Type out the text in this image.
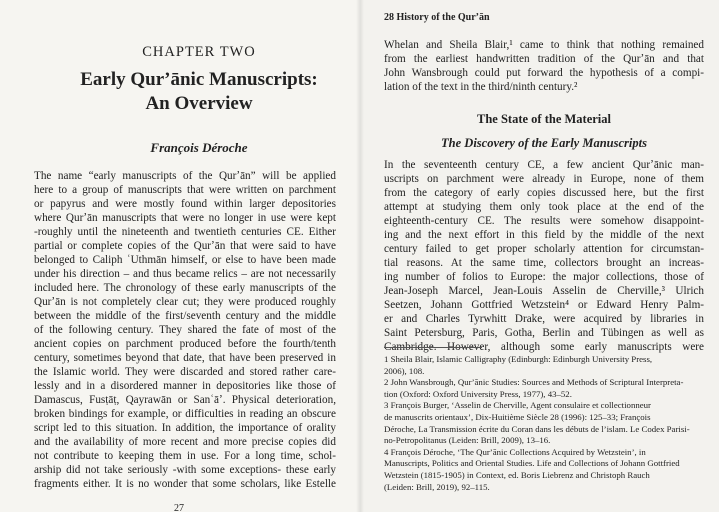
CHAPTER TWO
Early Qurʼānic Manuscripts:
An Overview
François Déroche
The name “early manuscripts of the Qurʼān” will be applied
here to a group of manuscripts that were written on parchment
or papyrus and were mostly found within larger depositories
where Qurʼān manuscripts that were no longer in use were kept
-roughly until the nineteenth and twentieth centuries CE. Either
partial or complete copies of the Qurʼān that were said to have
belonged to Caliph ʿUthmān himself, or else to have been made
under his direction – and thus became relics – are not necessarily
included here. The chronology of these early manuscripts of the
Qurʼān is not completely clear cut; they were produced roughly
between the middle of the first/seventh century and the middle
of the following century. They shared the fate of most of the
ancient copies on parchment produced before the fourth/tenth
century, sometimes beyond that date, that have been preserved in
the Islamic world. They were discarded and stored rather care-
lessly and in a disordered manner in depositories like those of
Damascus, Fusṭāṭ, Qayrawān or Sanʿāʼ. Physical deterioration,
broken bindings for example, or difficulties in reading an obscure
script led to this situation. In addition, the importance of orality
and the availability of more recent and more precise copies did
not contribute to keeping them in use. For a long time, schol-
arship did not take seriously -with some exceptions- these early
fragments either. It is no wonder that some scholars, like Estelle
27
28 History of the Qurʼān
Whelan and Sheila Blair,¹ came to think that nothing remained
from the earliest handwritten tradition of the Qurʼān and that
John Wansbrough could put forward the hypothesis of a compi-
lation of the text in the third/ninth century.²
The State of the Material
The Discovery of the Early Manuscripts
In the seventeenth century CE, a few ancient Qurʼānic man-
uscripts on parchment were already in Europe, none of them
from the category of early copies discussed here, but the first
attempt at studying them only took place at the end of the
eighteenth-century CE. The results were somehow disappoint-
ing and the next effort in this field by the middle of the next
century failed to get proper scholarly attention for circumstan-
tial reasons. At the same time, collectors brought an increas-
ing number of folios to Europe: the major collections, those of
Jean-Joseph Marcel, Jean-Louis Asselin de Cherville,³ Ulrich
Seetzen, Johann Gottfried Wetzstein⁴ or Edward Henry Palm-
er and Charles Tyrwhitt Drake, were acquired by libraries in
Saint Petersburg, Paris, Gotha, Berlin and Tübingen as well as
Cambridge. However, although some early manuscripts were
1 Sheila Blair, Islamic Calligraphy (Edinburgh: Edinburgh University Press,
2006), 108.
2 John Wansbrough, Qurʼānic Studies: Sources and Methods of Scriptural Interpreta-
tion (Oxford: Oxford University Press, 1977), 43–52.
3 François Burger, ‘Asselin de Cherville, Agent consulaire et collectionneur
de manuscrits orientaux’, Dix-Huitième Siècle 28 (1996): 125–33; François
Déroche, La Transmission écrite du Coran dans les débuts de l’islam. Le Codex Parisi-
no-Petropolitanus (Leiden: Brill, 2009), 13–16.
4 François Déroche, ‘The Qurʼānic Collections Acquired by Wetzstein’, in
Manuscripts, Politics and Oriental Studies. Life and Collections of Johann Gottfried
Wetzstein (1815-1905) in Context, ed. Boris Liebrenz and Christoph Rauch
(Leiden: Brill, 2019), 92–115.
